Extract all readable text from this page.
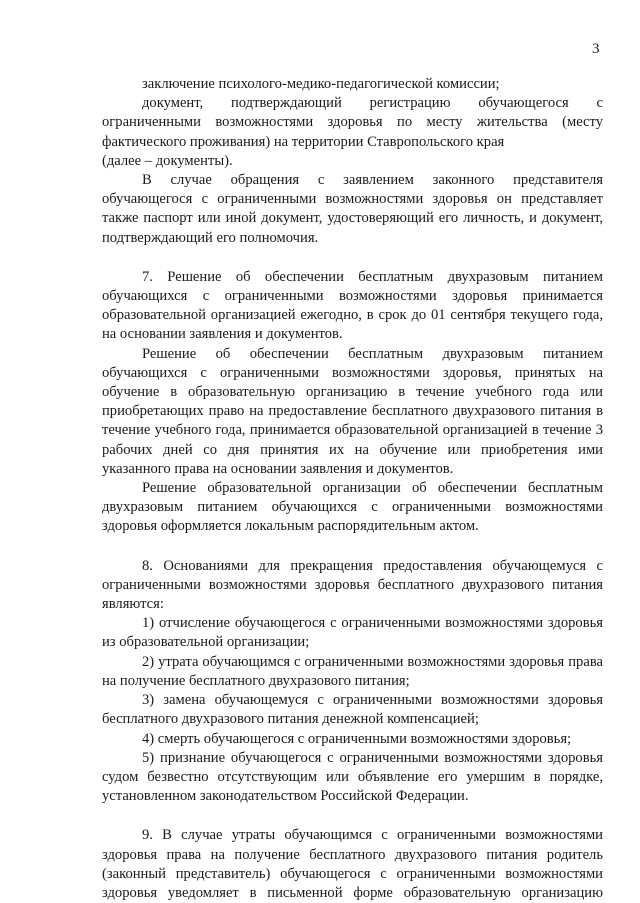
3

заключение психолого-медико-педагогической комиссии;

документ, подтверждающий регистрацию обучающегося с ограниченными возможностями здоровья по месту жительства (месту фактического проживания) на территории Ставропольского края

(далее – документы).

В случае обращения с заявлением законного представителя обучающегося с ограниченными возможностями здоровья он представляет также паспорт или иной документ, удостоверяющий его личность, и документ, подтверждающий его полномочия.

7. Решение об обеспечении бесплатным двухразовым питанием обучающихся с ограниченными возможностями здоровья принимается образовательной организацией ежегодно, в срок до 01 сентября текущего года, на основании заявления и документов.

Решение об обеспечении бесплатным двухразовым питанием обучающихся с ограниченными возможностями здоровья, принятых на обучение в образовательную организацию в течение учебного года или приобретающих право на предоставление бесплатного двухразового питания в течение учебного года, принимается образовательной организацией в течение 3 рабочих дней со дня принятия их на обучение или приобретения ими указанного права на основании заявления и документов.

Решение образовательной организации об обеспечении бесплатным двухразовым питанием обучающихся с ограниченными возможностями здоровья оформляется локальным распорядительным актом.

8. Основаниями для прекращения предоставления обучающемуся с ограниченными возможностями здоровья бесплатного двухразового питания являются:

1) отчисление обучающегося с ограниченными возможностями здоровья из образовательной организации;

2) утрата обучающимся с ограниченными возможностями здоровья права на получение бесплатного двухразового питания;

3) замена обучающемуся с ограниченными возможностями здоровья бесплатного двухразового питания денежной компенсацией;

4) смерть обучающегося с ограниченными возможностями здоровья;

5) признание обучающегося с ограниченными возможностями здоровья судом безвестно отсутствующим или объявление его умершим в порядке, установленном законодательством Российской Федерации.

9. В случае утраты обучающимся с ограниченными возможностями здоровья права на получение бесплатного двухразового питания родитель (законный представитель) обучающегося с ограниченными возможностями здоровья уведомляет в письменной форме образовательную организацию
